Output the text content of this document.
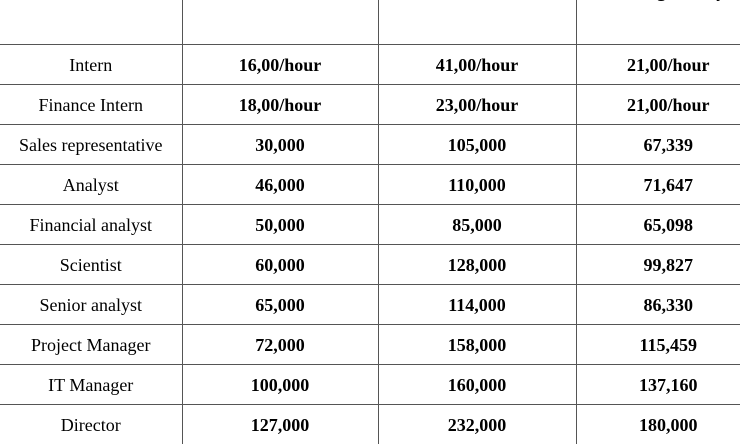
Intern	16,00/hour	41,00/hour	21,00/hour
Finance Intern	18,00/hour	23,00/hour	21,00/hour
Sales representative	30,000	105,000	67,339
Analyst	46,000	110,000	71,647
Financial analyst	50,000	85,000	65,098
Scientist	60,000	128,000	99,827
Senior analyst	65,000	114,000	86,330
Project Manager	72,000	158,000	115,459
IT Manager	100,000	160,000	137,160
Director	127,000	232,000	180,000
